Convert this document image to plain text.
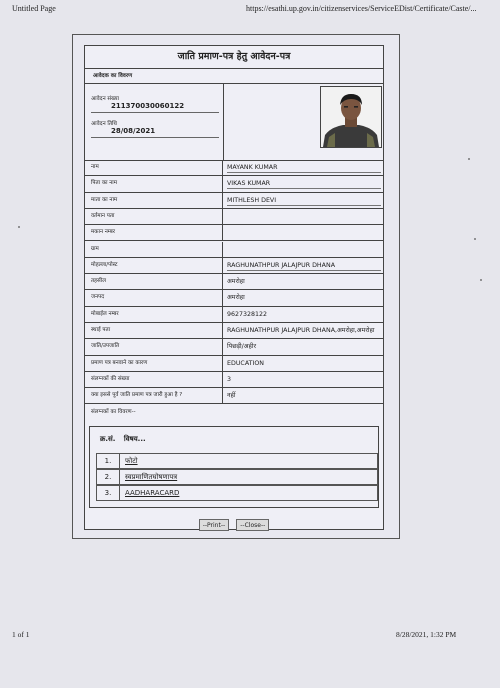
Untitled Page	https://esathi.up.gov.in/citizenservices/ServiceEDist/Certificate/Caste/...
जाति प्रमाण-पत्र हेतु आवेदन-पत्र
आवेदक का विवरण
आवेदन संख्या
211370030060122
आवेदन तिथि
28/08/2021
नाम	MAYANK KUMAR
पिता का नाम	VIKAS KUMAR
माता का नाम	MITHLESH DEVI
वर्तमान पता
मकान नम्बर
ग्राम
मोहल्ला/पोस्ट	RAGHUNATHPUR JALAJPUR DHANA
तहसील	अमरोहा
जनपद	अमरोहा
मोबाईल नम्बर	9627328122
स्थाई पता	RAGHUNATHPUR JALAJPUR DHANA,अमरोहा,अमरोहा
जाति/उपजाति	पिछड़ी/अहीर
प्रमाण पत्र बनवाने का कारण	EDUCATION
संलग्नकों की संख्या	3
क्या इससे पूर्व जाति प्रमाण पत्र जारी हुआ है ?	नहीं
संलग्नकों का विवरण--
क्र.सं. विषय...
1.	फोटो
2.	स्वप्रमाणितघोषणापत्र
3.	AADHARACARD
--Print--	--Close--
1 of 1	8/28/2021, 1:32 PM
